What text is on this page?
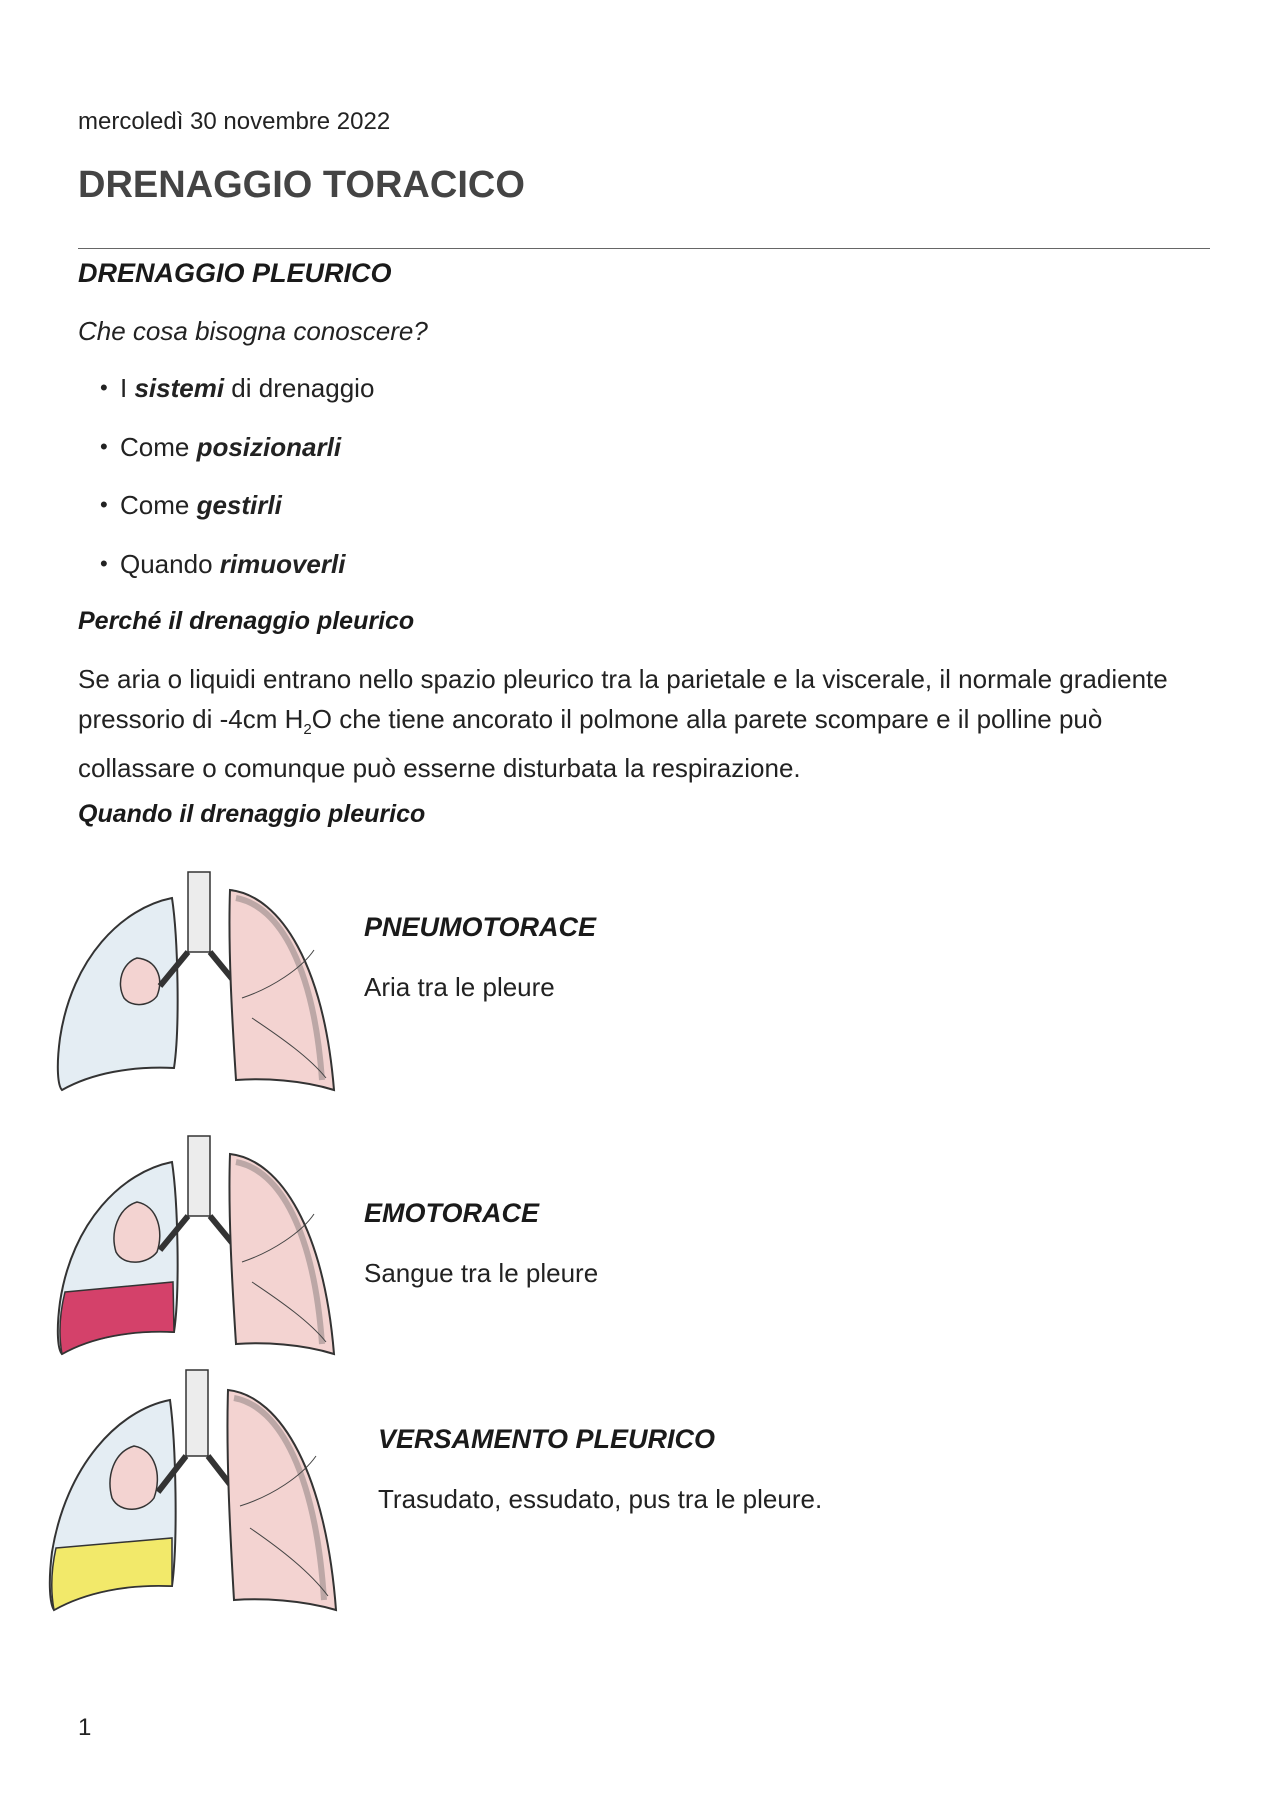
mercoledì 30 novembre 2022
DRENAGGIO TORACICO
DRENAGGIO PLEURICO
Che cosa bisogna conoscere?
• I sistemi di drenaggio
• Come posizionarli
• Come gestirli
• Quando rimuoverli
Perché il drenaggio pleurico

Se aria o liquidi entrano nello spazio pleurico tra la parietale e la viscerale, il normale gradiente pressorio di -4cm $H_2O$ che tiene ancorato il polmone alla parete scompare e il polline può collassare o comunque può esserne disturbata la respirazione.

Quando il drenaggio pleurico
PNEUMOTORACE
Aria tra le pleure
EMOTORACE
Sangue tra le pleure
VERSAMENTO PLEURICO
Trasudato, essudato, pus tra le pleure.
1
